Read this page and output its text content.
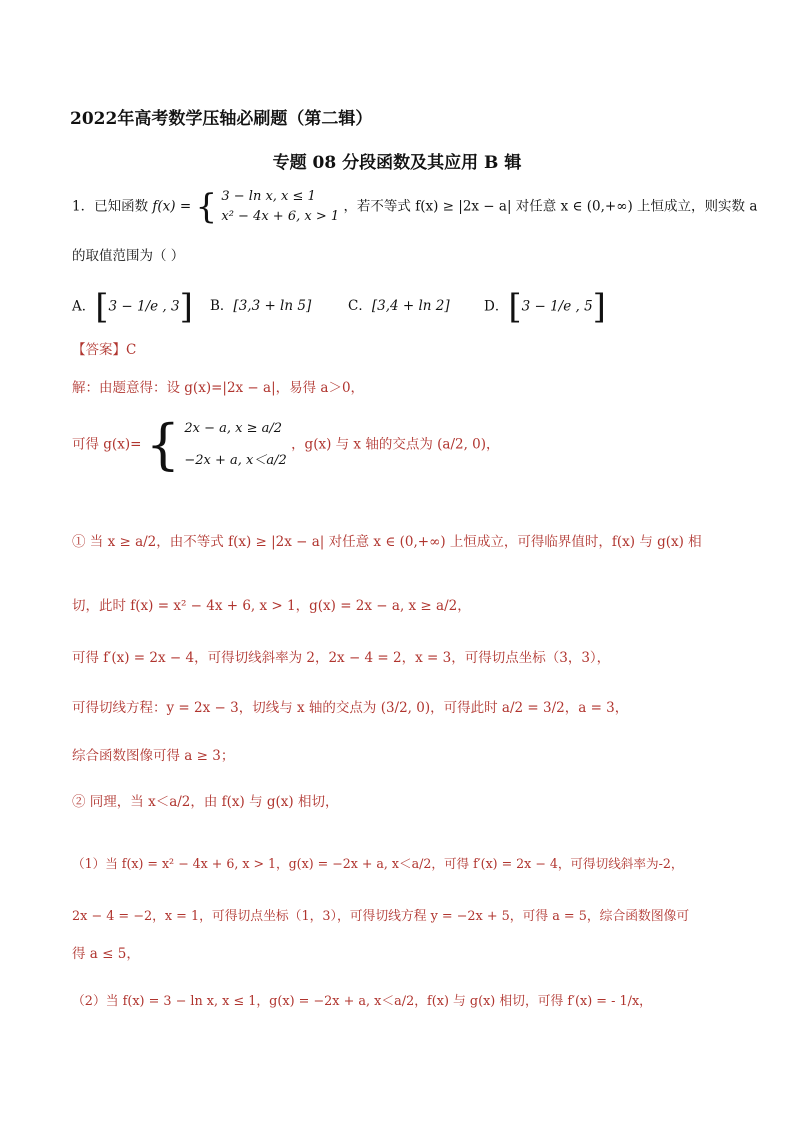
2022年高考数学压轴必刷题（第二辑）
专题 08 分段函数及其应用 B 辑
1．已知函数 f(x) = { 3 − ln x, x ≤ 1
x² − 4x + 6, x > 1
，若不等式 f(x) ≥ |2x − a| 对任意 x ∈ (0,+∞) 上恒成立，则实数 a
的取值范围为（ ）
A．[3 − 1/e , 3] B．[3,3 + ln 5]	C．[3,4 + ln 2]	D．[3 − 1/e , 5]
【答案】C
解：由题意得：设 g(x)=|2x − a|，易得 a＞0，
可得 g(x)= { 2x − a, x ≥ a/2
−2x + a, x＜a/2
，g(x) 与 x 轴的交点为 (a/2, 0)，
① 当 x ≥ a/2，由不等式 f(x) ≥ |2x − a| 对任意 x ∈ (0,+∞) 上恒成立，可得临界值时，f(x) 与 g(x) 相
切，此时 f(x) = x² − 4x + 6, x > 1，g(x) = 2x − a, x ≥ a/2，
可得 f′(x) = 2x − 4，可得切线斜率为 2，2x − 4 = 2，x = 3，可得切点坐标（3，3），
可得切线方程：y = 2x − 3，切线与 x 轴的交点为 (3/2, 0)，可得此时 a/2 = 3/2，a = 3，
综合函数图像可得 a ≥ 3；
② 同理，当 x＜a/2，由 f(x) 与 g(x) 相切，
（1）当 f(x) = x² − 4x + 6, x > 1，g(x) = −2x + a, x＜a/2，可得 f′(x) = 2x − 4，可得切线斜率为-2，
2x − 4 = −2，x = 1，可得切点坐标（1，3），可得切线方程 y = −2x + 5，可得 a = 5，综合函数图像可
得 a ≤ 5，
（2）当 f(x) = 3 − ln x, x ≤ 1，g(x) = −2x + a, x＜a/2，f(x) 与 g(x) 相切，可得 f′(x) = - 1/x，
